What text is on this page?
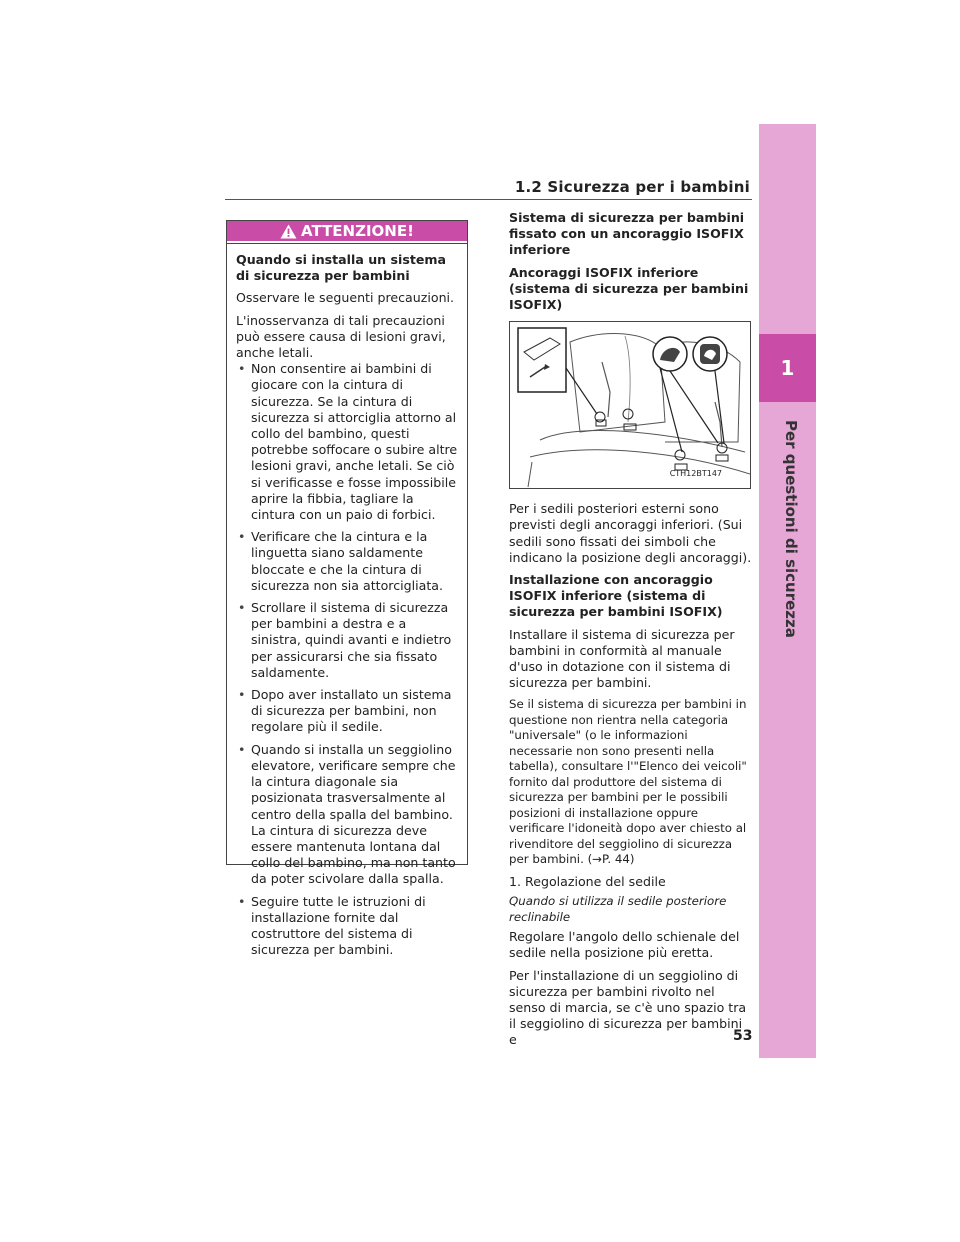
1.2 Sicurezza per i bambini
1
Per questioni di sicurezza
ATTENZIONE!

Quando si installa un sistema di sicurezza per bambini

Osservare le seguenti precauzioni.

L'inosservanza di tali precauzioni può essere causa di lesioni gravi, anche letali.

• Non consentire ai bambini di giocare con la cintura di sicurezza. Se la cintura di sicurezza si attorciglia attorno al collo del bambino, questi potrebbe soffocare o subire altre lesioni gravi, anche letali. Se ciò si verificasse e fosse impossibile aprire la fibbia, tagliare la cintura con un paio di forbici.
• Verificare che la cintura e la linguetta siano saldamente bloccate e che la cintura di sicurezza non sia attorcigliata.
• Scrollare il sistema di sicurezza per bambini a destra e a sinistra, quindi avanti e indietro per assicurarsi che sia fissato saldamente.
• Dopo aver installato un sistema di sicurezza per bambini, non regolare più il sedile.
• Quando si installa un seggiolino elevatore, verificare sempre che la cintura diagonale sia posizionata trasversalmente al centro della spalla del bambino. La cintura di sicurezza deve essere mantenuta lontana dal collo del bambino, ma non tanto da poter scivolare dalla spalla.
• Seguire tutte le istruzioni di installazione fornite dal costruttore del sistema di sicurezza per bambini.

Sistema di sicurezza per bambini fissato con un ancoraggio ISOFIX inferiore

Ancoraggi ISOFIX inferiore (sistema di sicurezza per bambini ISOFIX)

CTH12BT147

Per i sedili posteriori esterni sono previsti degli ancoraggi inferiori. (Sui sedili sono fissati dei simboli che indicano la posizione degli ancoraggi).

Installazione con ancoraggio ISOFIX inferiore (sistema di sicurezza per bambini ISOFIX)

Installare il sistema di sicurezza per bambini in conformità al manuale d'uso in dotazione con il sistema di sicurezza per bambini.

Se il sistema di sicurezza per bambini in questione non rientra nella categoria "universale" (o le informazioni necessarie non sono presenti nella tabella), consultare l'"Elenco dei veicoli" fornito dal produttore del sistema di sicurezza per bambini per le possibili posizioni di installazione oppure verificare l'idoneità dopo aver chiesto al rivenditore del seggiolino di sicurezza per bambini. (→P. 44)

1. Regolazione del sedile

Quando si utilizza il sedile posteriore reclinabile

Regolare l'angolo dello schienale del sedile nella posizione più eretta.

Per l'installazione di un seggiolino di sicurezza per bambini rivolto nel senso di marcia, se c'è uno spazio tra il seggiolino di sicurezza per bambini e	53
